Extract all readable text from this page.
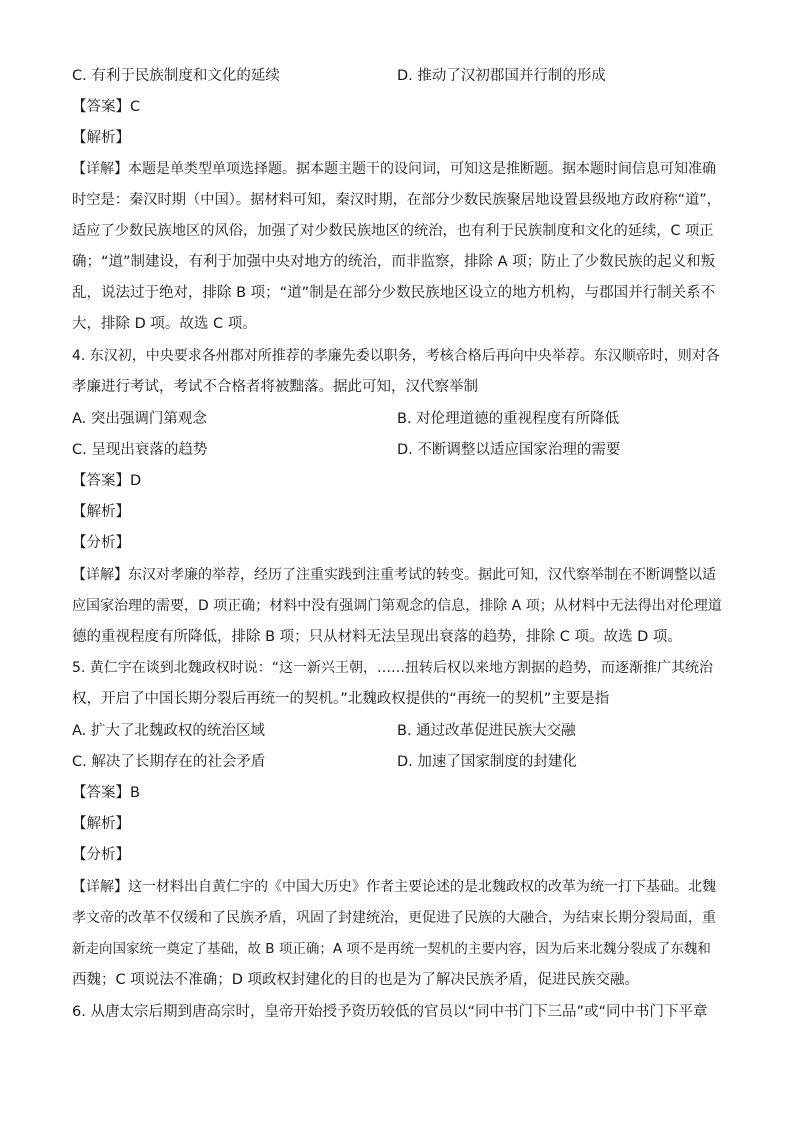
C. 有利于民族制度和文化的延续	D. 推动了汉初郡国并行制的形成
【答案】C
【解析】
【详解】本题是单类型单项选择题。据本题主题干的设问词，可知这是推断题。据本题时间信息可知准确
时空是：秦汉时期（中国）。据材料可知，秦汉时期，在部分少数民族聚居地设置县级地方政府称“道”，
适应了少数民族地区的风俗，加强了对少数民族地区的统治，也有利于民族制度和文化的延续，C 项正
确；“道”制建设，有利于加强中央对地方的统治，而非监察，排除 A 项；防止了少数民族的起义和叛
乱，说法过于绝对，排除 B 项；“道”制是在部分少数民族地区设立的地方机构，与郡国并行制关系不
大，排除 D 项。故选 C 项。
4. 东汉初，中央要求各州郡对所推荐的孝廉先委以职务，考核合格后再向中央举荐。东汉顺帝时，则对各
孝廉进行考试，考试不合格者将被黜落。据此可知，汉代察举制
A. 突出强调门第观念	B. 对伦理道德的重视程度有所降低
C. 呈现出衰落的趋势	D. 不断调整以适应国家治理的需要
【答案】D
【解析】
【分析】
【详解】东汉对孝廉的举荐，经历了注重实践到注重考试的转变。据此可知，汉代察举制在不断调整以适
应国家治理的需要，D 项正确；材料中没有强调门第观念的信息，排除 A 项；从材料中无法得出对伦理道
德的重视程度有所降低，排除 B 项；只从材料无法呈现出衰落的趋势，排除 C 项。故选 D 项。
5. 黄仁宇在谈到北魏政权时说：“这一新兴王朝，……扭转后权以来地方割据的趋势，而逐渐推广其统治
权，开启了中国长期分裂后再统一的契机。”北魏政权提供的“再统一的契机”主要是指
A. 扩大了北魏政权的统治区域	B. 通过改革促进民族大交融
C. 解决了长期存在的社会矛盾	D. 加速了国家制度的封建化
【答案】B
【解析】
【分析】
【详解】这一材料出自黄仁宇的《中国大历史》作者主要论述的是北魏政权的改革为统一打下基础。北魏
孝文帝的改革不仅缓和了民族矛盾，巩固了封建统治，更促进了民族的大融合，为结束长期分裂局面，重
新走向国家统一奠定了基础，故 B 项正确；A 项不是再统一契机的主要内容，因为后来北魏分裂成了东魏和
西魏；C 项说法不准确；D 项政权封建化的目的也是为了解决民族矛盾，促进民族交融。
6. 从唐太宗后期到唐高宗时，皇帝开始授予资历较低的官员以“同中书门下三品”或“同中书门下平章
